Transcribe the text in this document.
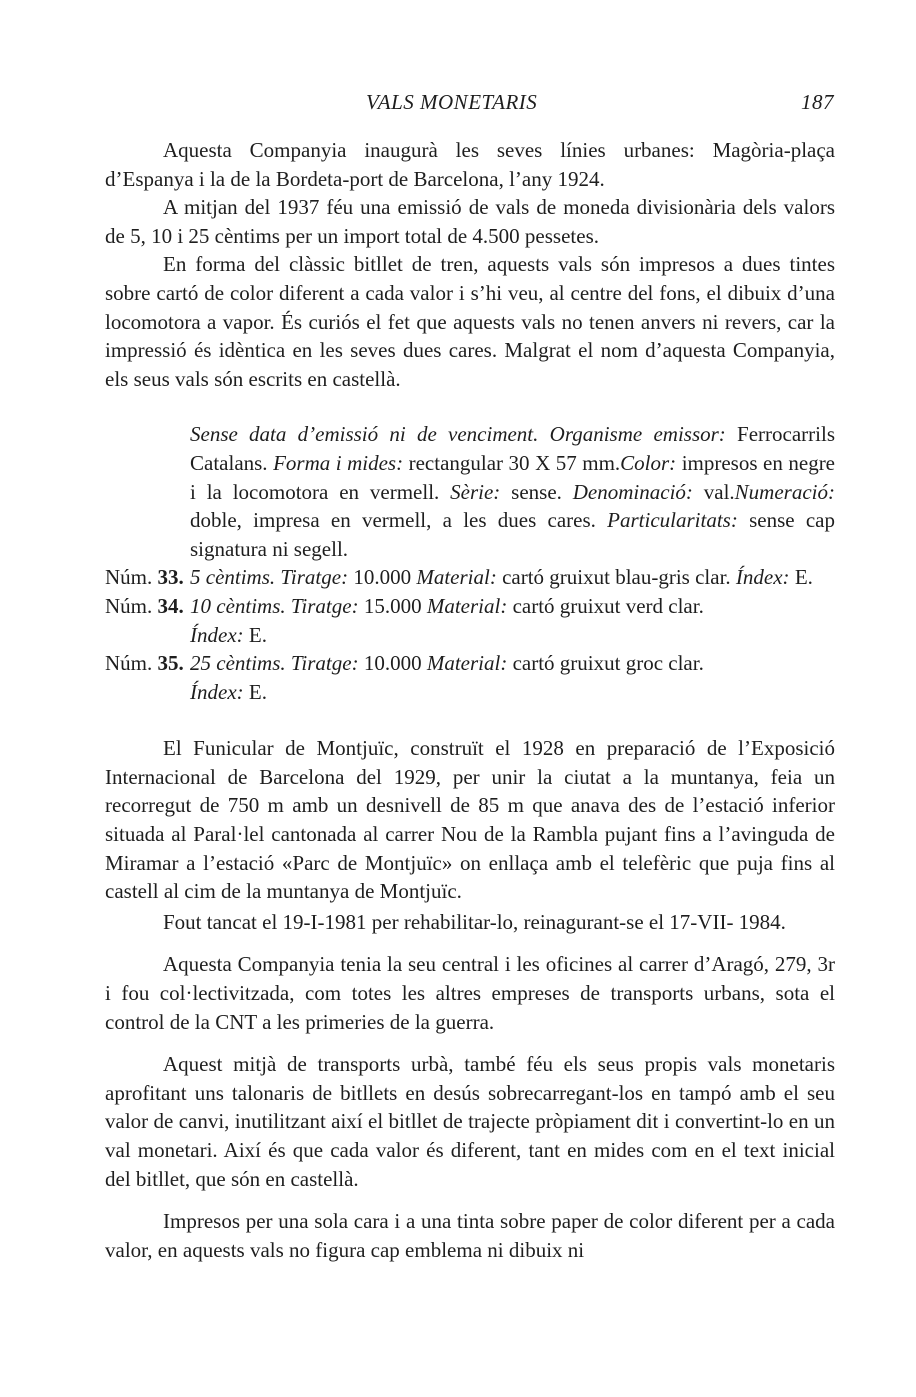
VALS MONETARIS	187

Aquesta Companyia inaugurà les seves línies urbanes: Magòria-plaça d’Espanya i la de la Bordeta-port de Barcelona, l’any 1924.

A mitjan del 1937 féu una emissió de vals de moneda divisionària dels valors de 5, 10 i 25 cèntims per un import total de 4.500 pessetes.

En forma del clàssic bitllet de tren, aquests vals són impresos a dues tintes sobre cartó de color diferent a cada valor i s’hi veu, al centre del fons, el dibuix d’una locomotora a vapor. És curiós el fet que aquests vals no tenen anvers ni revers, car la impressió és idèntica en les seves dues cares. Malgrat el nom d’aquesta Companyia, els seus vals són escrits en castellà.

Sense data d’emissió ni de venciment. Organisme emissor: Ferrocarrils Catalans. Forma i mides: rectangular 30 X 57 mm.Color: impresos en negre i la locomotora en vermell. Sèrie: sense. Denominació: val.Numeració: doble, impresa en vermell, a les dues cares. Particularitats: sense cap signatura ni segell.
Núm. 33. 5 cèntims. Tiratge: 10.000 Material: cartó gruixut blau-gris clar. Índex: E.
Núm. 34. 10 cèntims. Tiratge: 15.000 Material: cartó gruixut verd clar.
Índex: E.
Núm. 35. 25 cèntims. Tiratge: 10.000 Material: cartó gruixut groc clar.
Índex: E.

El Funicular de Montjuïc, construït el 1928 en preparació de l’Exposició Internacional de Barcelona del 1929, per unir la ciutat a la muntanya, feia un recorregut de 750 m amb un desnivell de 85 m que anava des de l’estació inferior situada al Paral·lel cantonada al carrer Nou de la Rambla pujant fins a l’avinguda de Miramar a l’estació «Parc de Montjuïc» on enllaça amb el telefèric que puja fins al castell al cim de la muntanya de Montjuïc.

Fout tancat el 19-I-1981 per rehabilitar-lo, reinagurant-se el 17-VII- 1984.

Aquesta Companyia tenia la seu central i les oficines al carrer d’Aragó, 279, 3r i fou col·lectivitzada, com totes les altres empreses de transports urbans, sota el control de la CNT a les primeries de la guerra.

Aquest mitjà de transports urbà, també féu els seus propis vals monetaris aprofitant uns talonaris de bitllets en desús sobrecarregant-los en tampó amb el seu valor de canvi, inutilitzant així el bitllet de trajecte pròpiament dit i convertint-lo en un val monetari. Així és que cada valor és diferent, tant en mides com en el text inicial del bitllet, que són en castellà.

Impresos per una sola cara i a una tinta sobre paper de color diferent per a cada valor, en aquests vals no figura cap emblema ni dibuix ni
